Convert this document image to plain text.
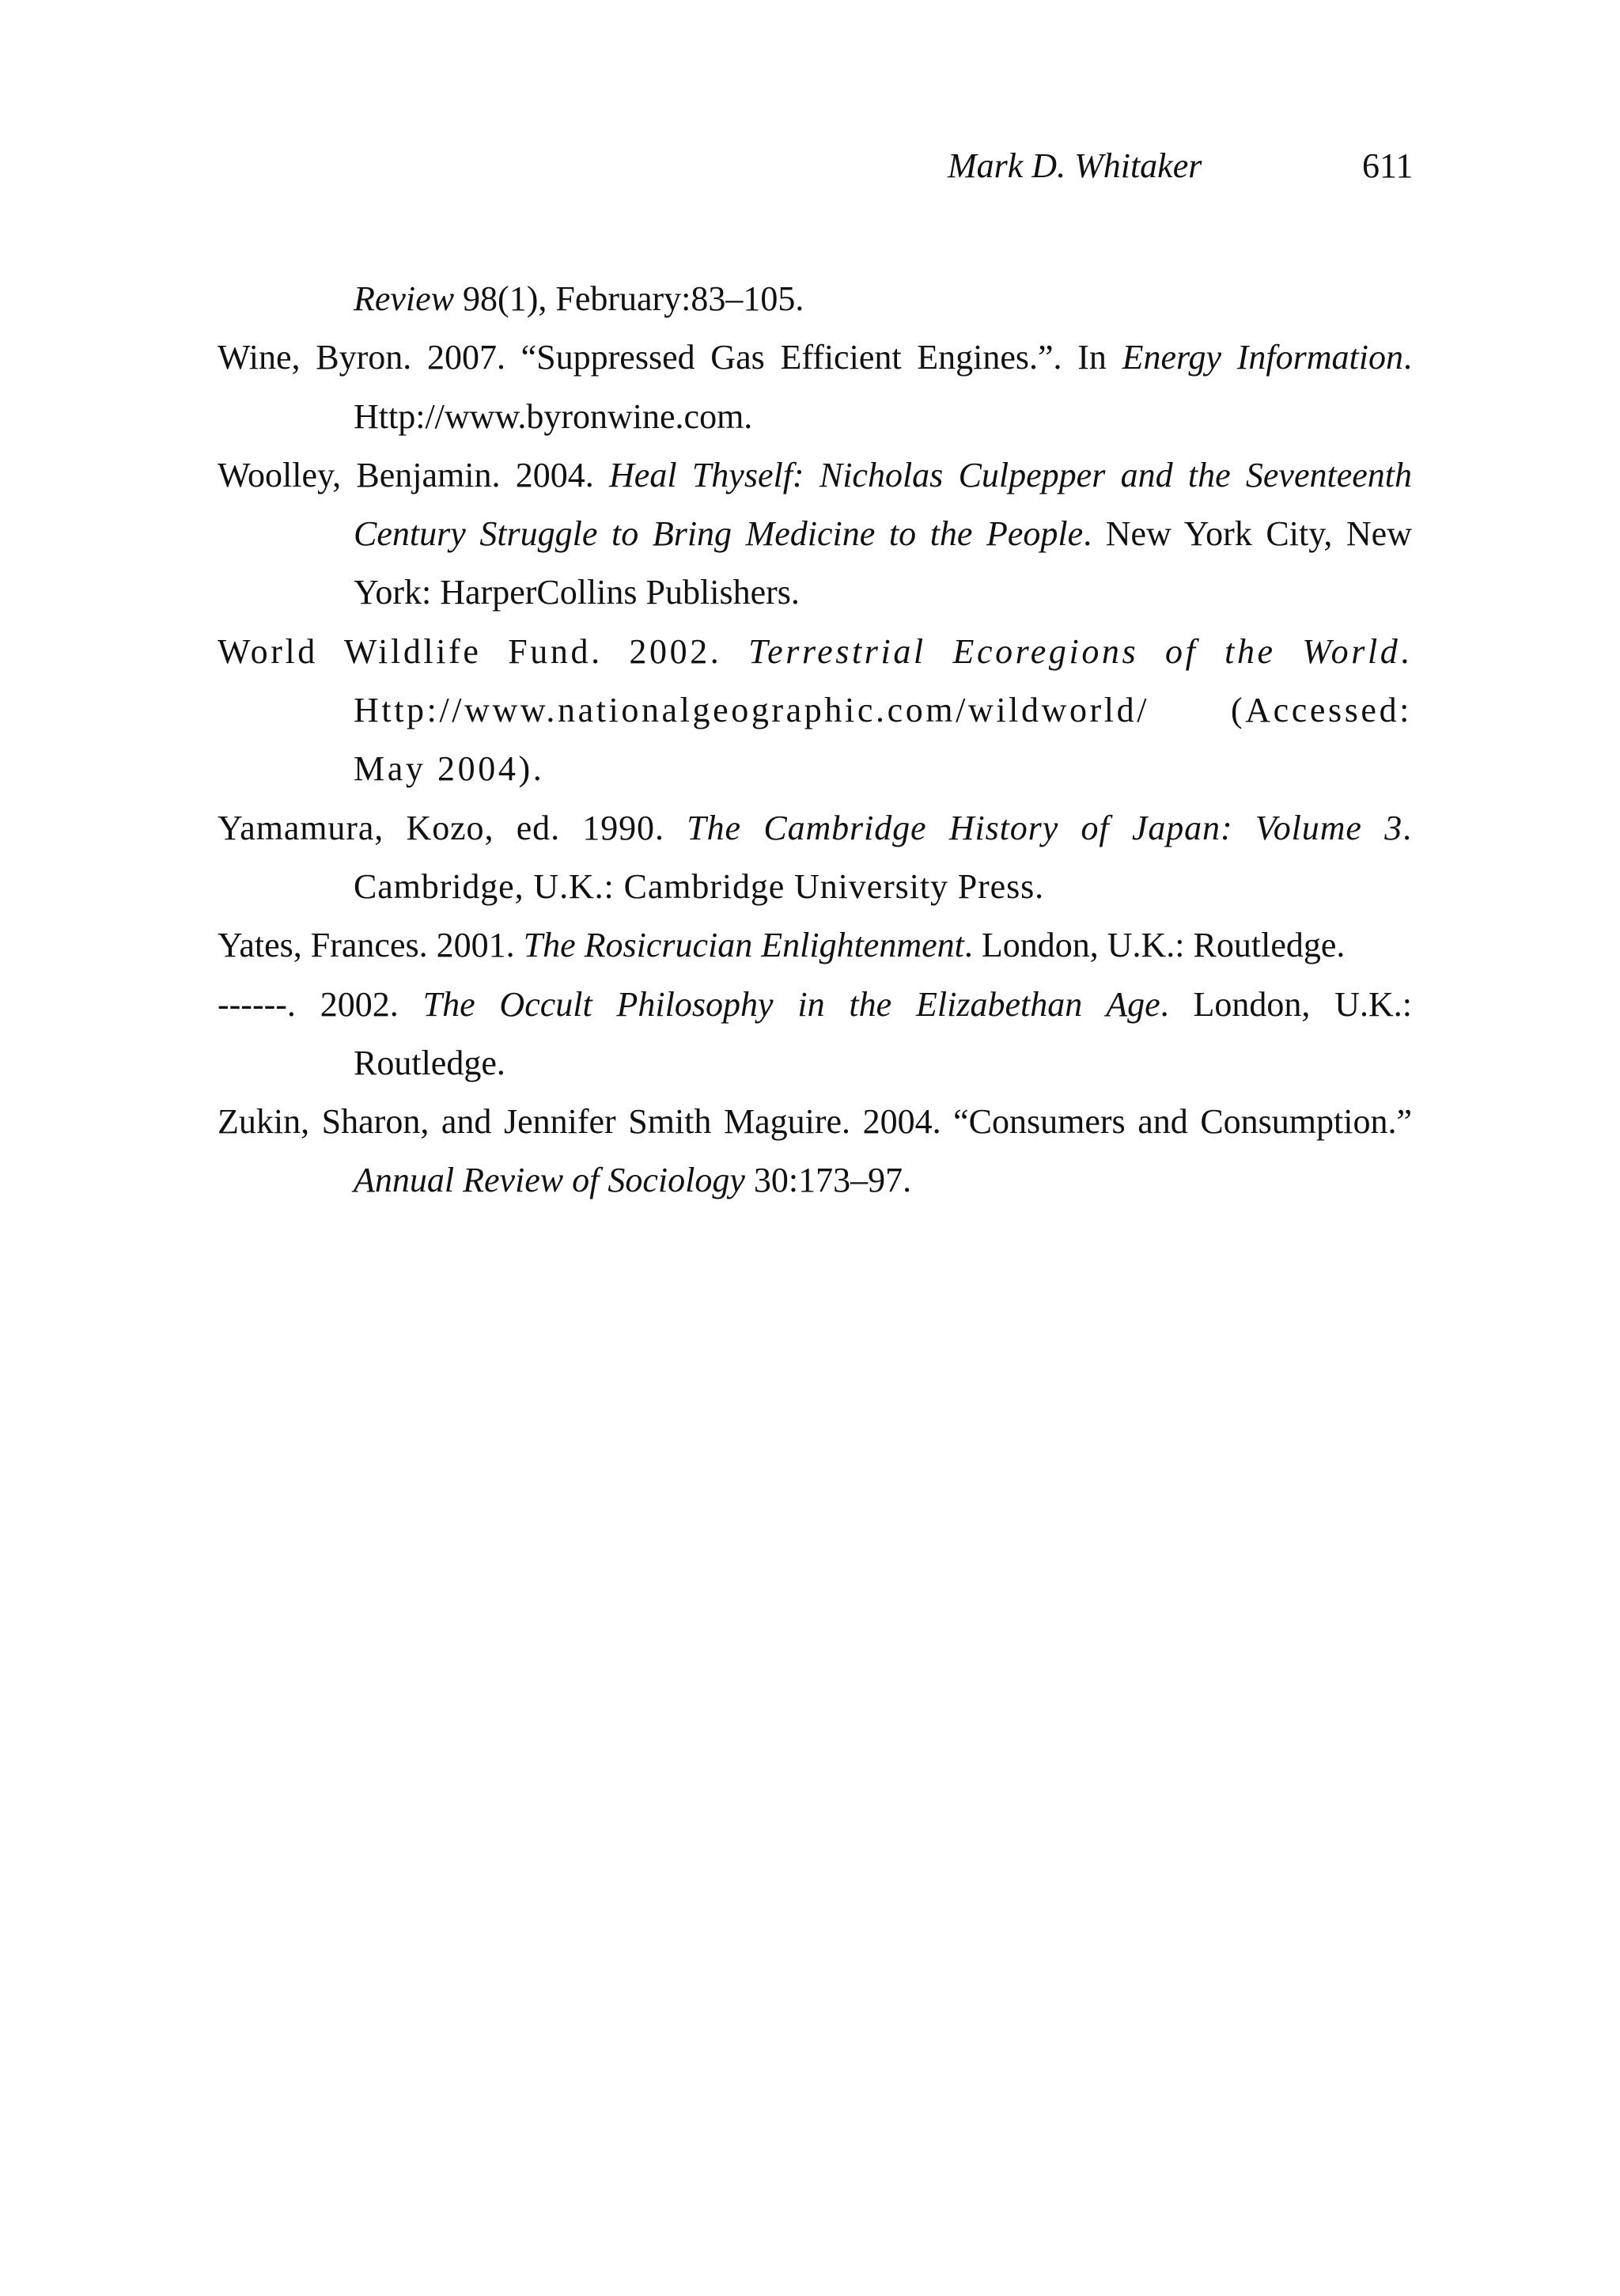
Mark D. Whitaker	611

Review 98(1), February:83–105.

Wine, Byron. 2007. “Suppressed Gas Efficient Engines.”. In Energy Information. Http://www.byronwine.com.

Woolley, Benjamin. 2004. Heal Thyself: Nicholas Culpepper and the Seventeenth Century Struggle to Bring Medicine to the People. New York City, New York: HarperCollins Publishers.

World Wildlife Fund. 2002. Terrestrial Ecoregions of the World. Http://www.nationalgeographic.com/wildworld/ (Accessed: May 2004).

Yamamura, Kozo, ed. 1990. The Cambridge History of Japan: Volume 3. Cambridge, U.K.: Cambridge University Press.

Yates, Frances. 2001. The Rosicrucian Enlightenment. London, U.K.: Routledge.

------. 2002. The Occult Philosophy in the Elizabethan Age. London, U.K.: Routledge.

Zukin, Sharon, and Jennifer Smith Maguire. 2004. “Consumers and Consumption.” Annual Review of Sociology 30:173–97.
